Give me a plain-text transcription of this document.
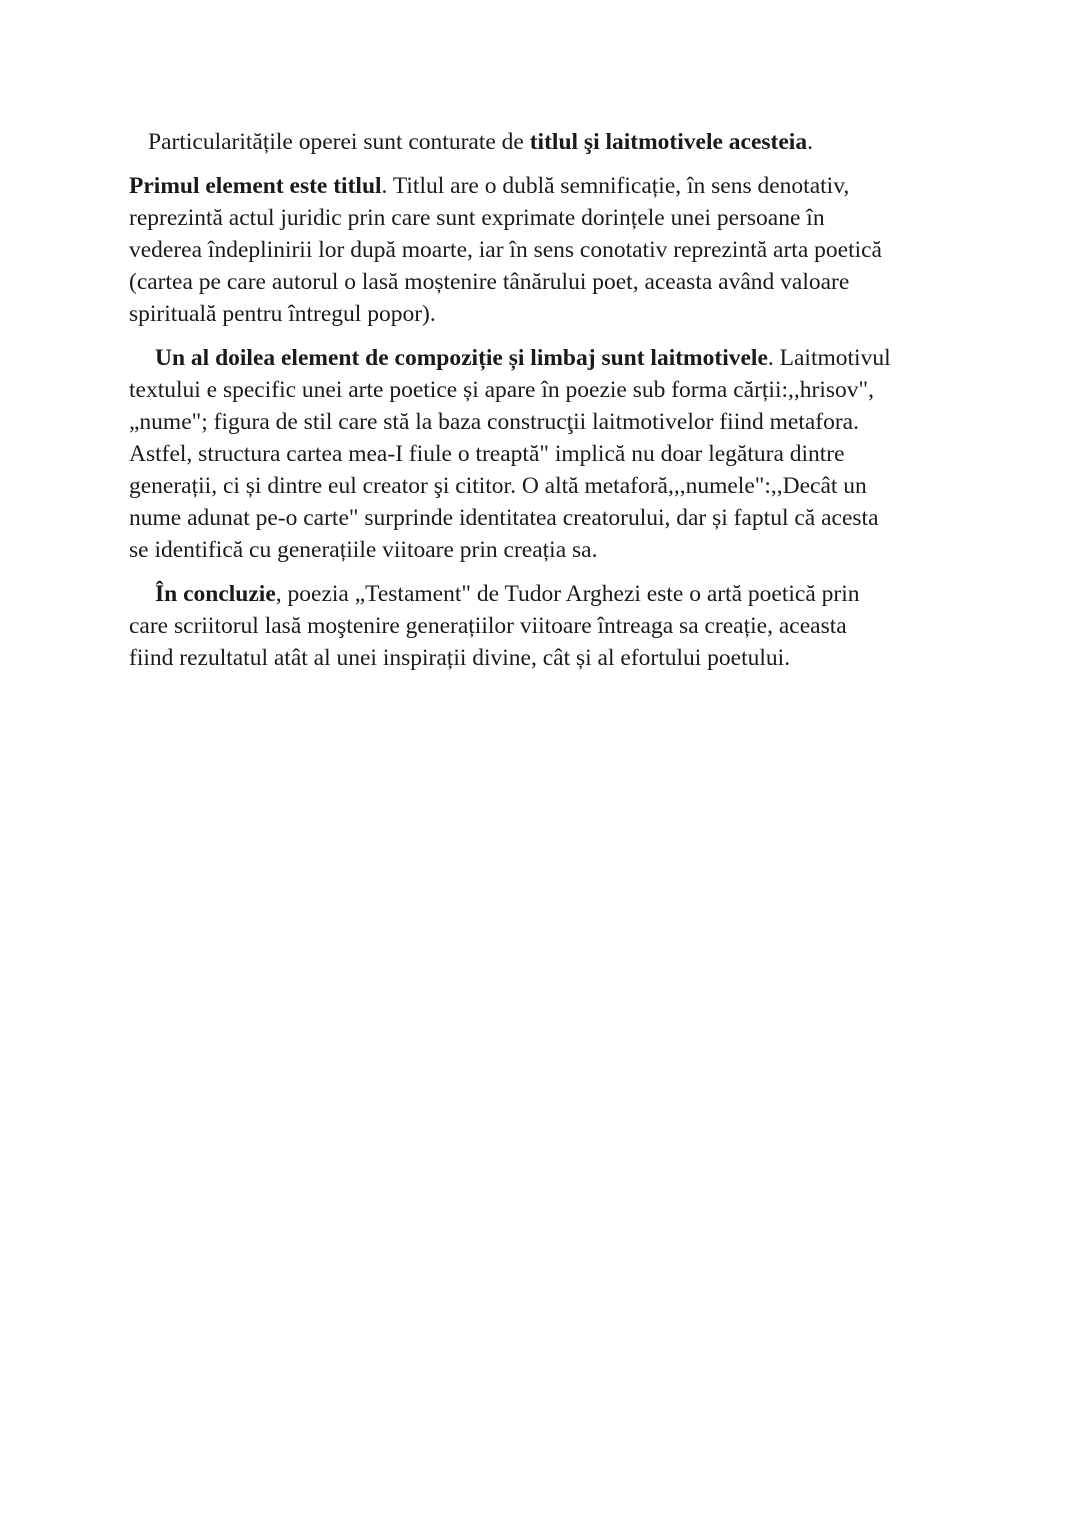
Particularitățile operei sunt conturate de titlul şi laitmotivele acesteia.

Primul element este titlul. Titlul are o dublă semnificație, în sens denotativ,
reprezintă actul juridic prin care sunt exprimate dorințele unei persoane în
vederea îndeplinirii lor după moarte, iar în sens conotativ reprezintă arta poetică
(cartea pe care autorul o lasă moștenire tânărului poet, aceasta având valoare
spirituală pentru întregul popor).

Un al doilea element de compoziție și limbaj sunt laitmotivele. Laitmotivul
textului e specific unei arte poetice și apare în poezie sub forma cărții:,,hrisov",
„nume"; figura de stil care stă la baza construcţii laitmotivelor fiind metafora.
Astfel, structura cartea mea-I fiule o treaptă" implică nu doar legătura dintre
generații, ci și dintre eul creator şi cititor. O altă metaforă,,,numele":,,Decât un
nume adunat pe-o carte" surprinde identitatea creatorului, dar și faptul că acesta
se identifică cu generațiile viitoare prin creația sa.

În concluzie, poezia „Testament" de Tudor Arghezi este o artă poetică prin
care scriitorul lasă moştenire generațiilor viitoare întreaga sa creație, aceasta
fiind rezultatul atât al unei inspirații divine, cât și al efortului poetului.
